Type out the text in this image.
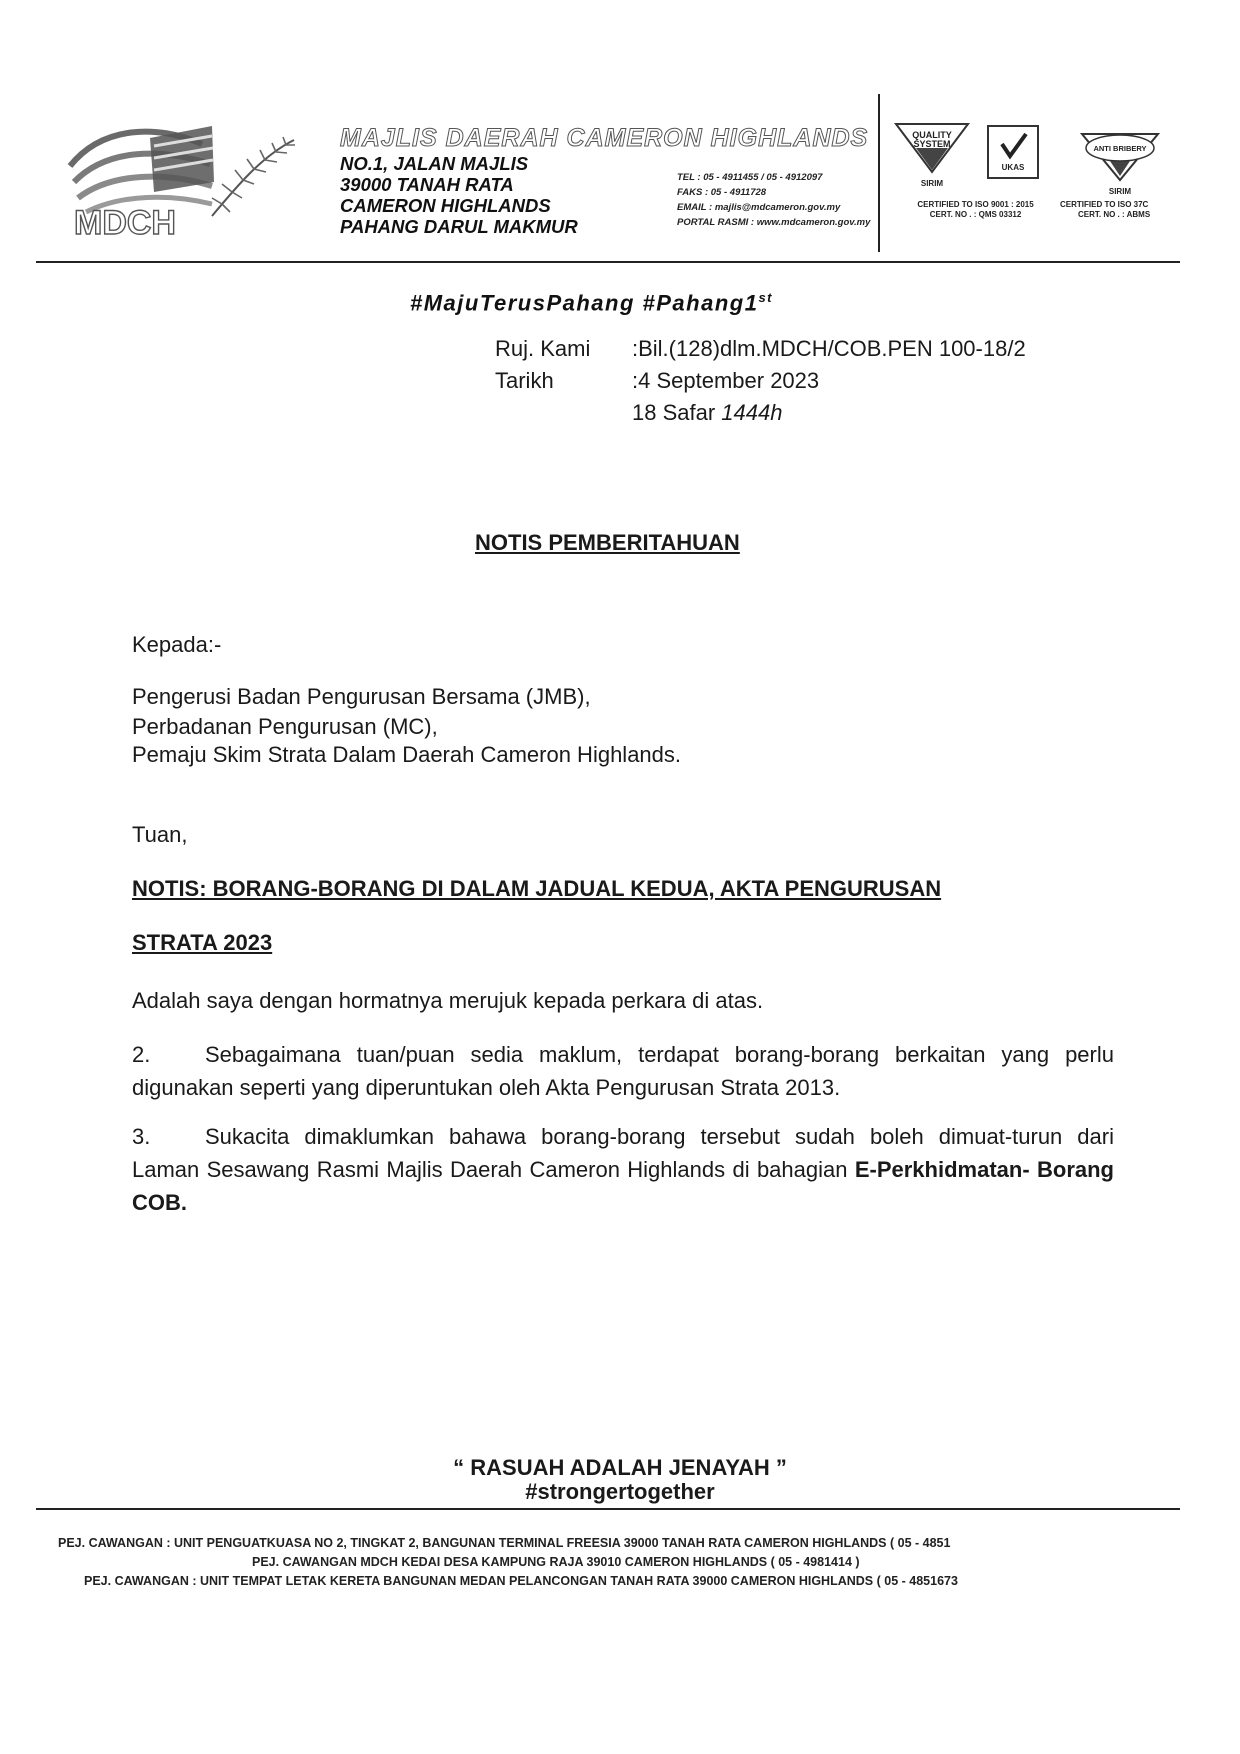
MDCH
MAJLIS DAERAH CAMERON HIGHLANDS
NO.1, JALAN MAJLIS
39000 TANAH RATA
CAMERON HIGHLANDS
PAHANG DARUL MAKMUR
TEL : 05 - 4911455 / 05 - 4912097
FAKS : 05 - 4911728
EMAIL : majlis@mdcameron.gov.my
PORTAL RASMI : www.mdcameron.gov.my
QUALITY
SYSTEM
SIRIM
UKAS
CERTIFIED TO ISO 9001 : 2015
CERT. NO . : QMS 03312
ANTI BRIBERY
SIRIM
CERTIFIED TO ISO 37C
CERT. NO . : ABMS
#MajuTerusPahang #Pahang1st
Ruj. Kami :Bil.(128)dlm.MDCH/COB.PEN 100-18/2
Tarikh	:4 September 2023
18 Safar 1444h
NOTIS PEMBERITAHUAN
Kepada:-
Pengerusi Badan Pengurusan Bersama (JMB),
Perbadanan Pengurusan (MC),
Pemaju Skim Strata Dalam Daerah Cameron Highlands.
Tuan,
NOTIS: BORANG-BORANG DI DALAM JADUAL KEDUA, AKTA PENGURUSAN
STRATA 2023
Adalah saya dengan hormatnya merujuk kepada perkara di atas.
2. Sebagaimana tuan/puan sedia maklum, terdapat borang-borang berkaitan yang perlu digunakan seperti yang diperuntukan oleh Akta Pengurusan Strata 2013.
3. Sukacita dimaklumkan bahawa borang-borang tersebut sudah boleh dimuat-turun dari Laman Sesawang Rasmi Majlis Daerah Cameron Highlands di bahagian E-Perkhidmatan- Borang COB.
“ RASUAH ADALAH JENAYAH ”
#strongertogether
PEJ. CAWANGAN : UNIT PENGUATKUASA NO 2, TINGKAT 2, BANGUNAN TERMINAL FREESIA 39000 TANAH RATA CAMERON HIGHLANDS ( 05 - 4851
PEJ. CAWANGAN MDCH KEDAI DESA KAMPUNG RAJA 39010 CAMERON HIGHLANDS ( 05 - 4981414 )
PEJ. CAWANGAN : UNIT TEMPAT LETAK KERETA BANGUNAN MEDAN PELANCONGAN TANAH RATA 39000 CAMERON HIGHLANDS ( 05 - 4851673
